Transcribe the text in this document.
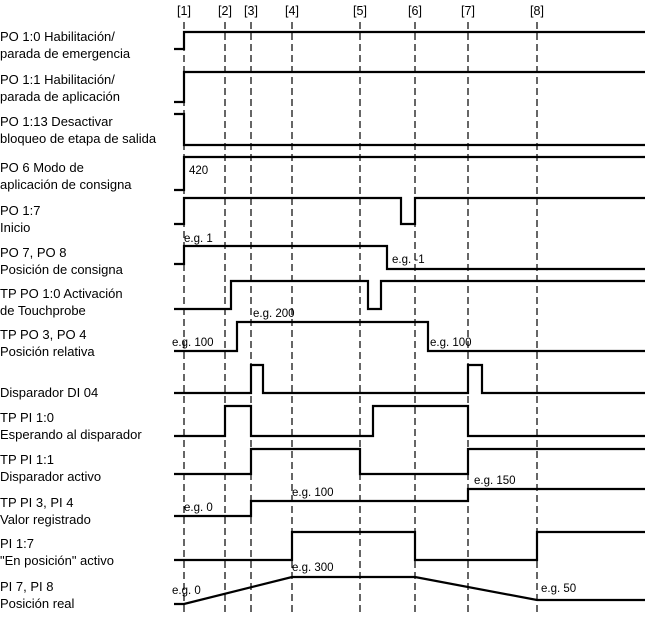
[1] [2] [3] [4]	[5]	[6]	[7]	[8]
PO 1:0 Habilitación/ parada de emergencia
PO 1:1 Habilitación/ parada de aplicación
PO 1:13 Desactivar bloqueo de etapa de salida
PO 6 Modo de aplicación de consigna
PO 1:7 Inicio
PO 7, PO 8 Posición de consigna
TP PO 1:0 Activación de Touchprobe
TP PO 3, PO 4 Posición relativa
Disparador DI 04
TP PI 1:0 Esperando al disparador
TP PI 1:1 Disparador activo
TP PI 3, PI 4 Valor registrado
PI 1:7 "En posición" activo
PI 7, PI 8 Posición real
420
e.g. 1
e.g. -1
e.g. 100
e.g. 200
e.g. 100
e.g. 0
e.g. 100
e.g. 150
e.g. 0
e.g. 300
e.g. 50
